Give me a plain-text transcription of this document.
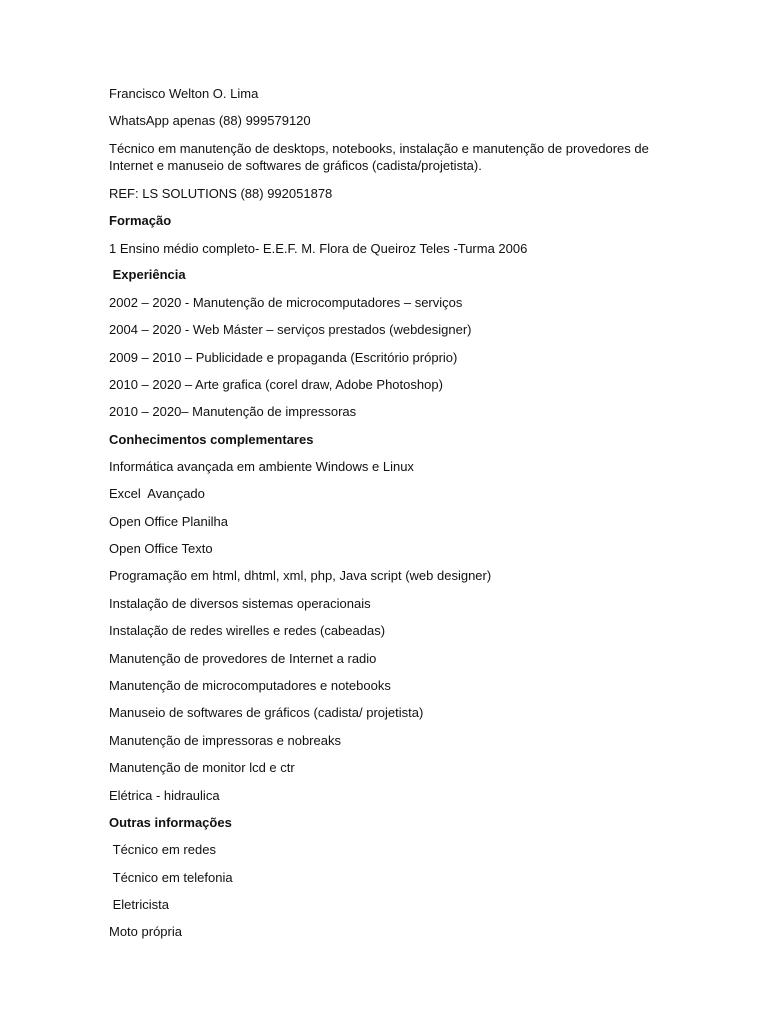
Francisco Welton O. Lima

WhatsApp apenas (88) 999579120

Técnico em manutenção de desktops, notebooks, instalação e manutenção de provedores de

Internet e manuseio de softwares de gráficos (cadista/projetista).

REF: LS SOLUTIONS (88) 992051878

Formação

1 Ensino médio completo- E.E.F. M. Flora de Queiroz Teles -Turma 2006

Experiência

2002 – 2020 - Manutenção de microcomputadores – serviços

2004 – 2020 - Web Máster – serviços prestados (webdesigner)

2009 – 2010 – Publicidade e propaganda (Escritório próprio)

2010 – 2020 – Arte grafica (corel draw, Adobe Photoshop)

2010 – 2020– Manutenção de impressoras

Conhecimentos complementares

Informática avançada em ambiente Windows e Linux

Excel  Avançado

Open Office Planilha

Open Office Texto

Programação em html, dhtml, xml, php, Java script (web designer)

Instalação de diversos sistemas operacionais

Instalação de redes wirelles e redes (cabeadas)

Manutenção de provedores de Internet a radio

Manutenção de microcomputadores e notebooks

Manuseio de softwares de gráficos (cadista/ projetista)

Manutenção de impressoras e nobreaks

Manutenção de monitor lcd e ctr

Elétrica - hidraulica

Outras informações

Técnico em redes

Técnico em telefonia

Eletricista

Moto própria
